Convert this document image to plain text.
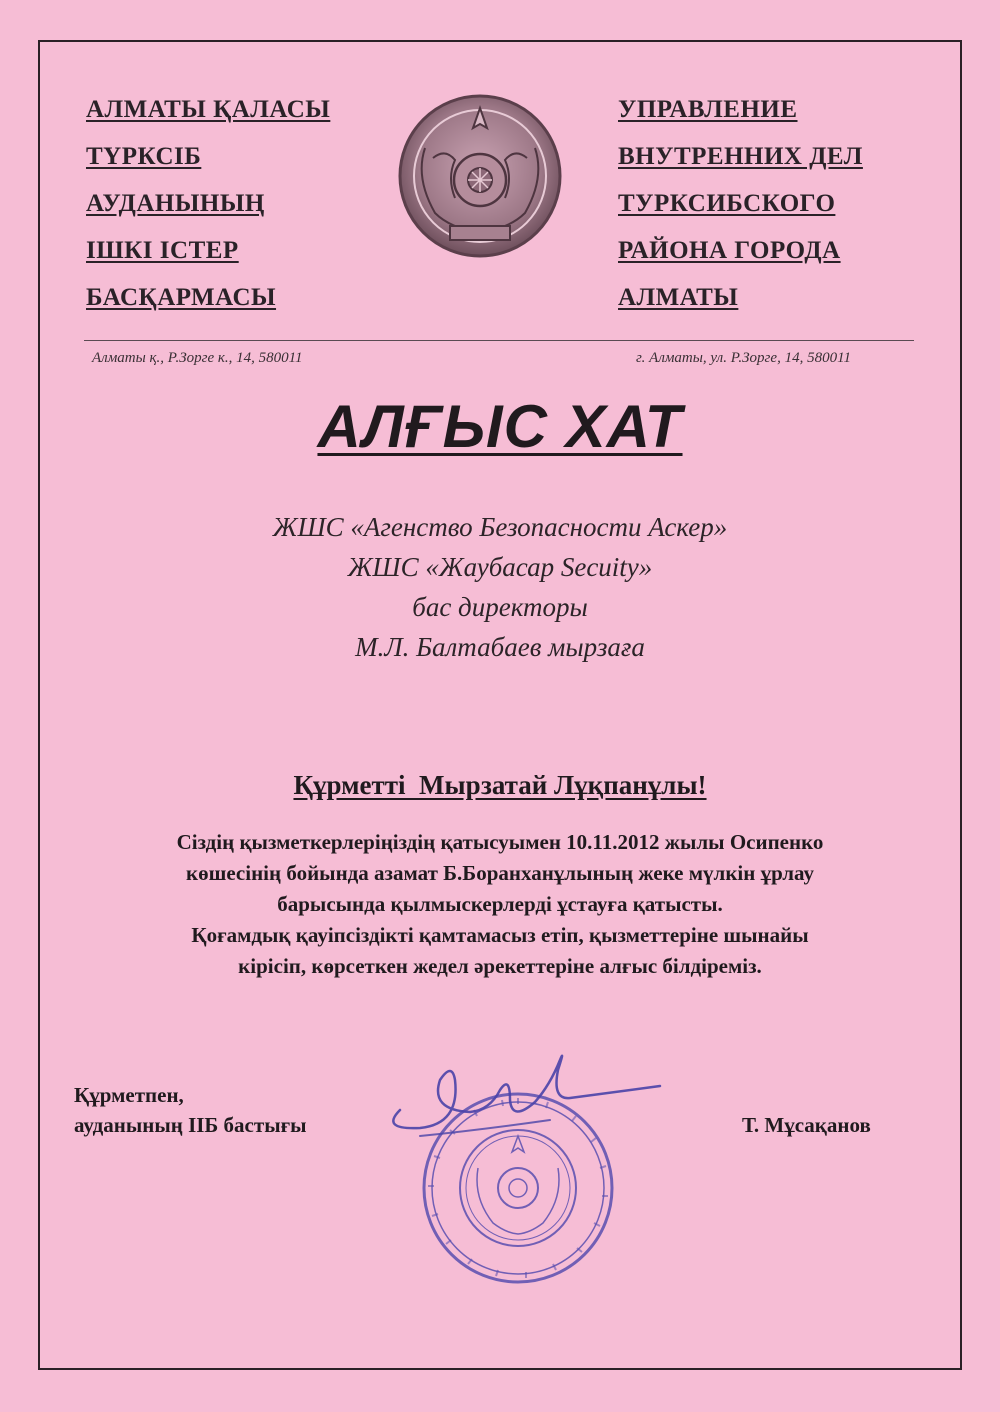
АЛМАТЫ ҚАЛАСЫ
ТҮРКСІБ
АУДАНЫНЫҢ
ІШКІ ІСТЕР
БАСҚАРМАСЫ
УПРАВЛЕНИЕ
ВНУТРЕННИХ ДЕЛ
ТУРКСИБСКОГО
РАЙОНА ГОРОДА
АЛМАТЫ
Алматы қ., Р.Зорге к., 14, 580011	г. Алматы, ул. Р.Зорге, 14, 580011
АЛҒЫС ХАТ
ЖШС «Агенство Безопасности Аскер»
ЖШС «Жаубасар Secuity»
бас директоры
М.Л. Балтабаев мырзаға
Құрметті  Мырзатай Лұқпанұлы!
Сіздің қызметкерлеріңіздің қатысуымен 10.11.2012 жылы Осипенко
көшесінің бойында азамат Б.Боранханұлының жеке мүлкін ұрлау
барысында қылмыскерлерді ұстауға қатысты.
Қоғамдық қауіпсіздікті қамтамасыз етіп, қызметтеріне шынайы
кірісіп, көрсеткен жедел әрекеттеріне алғыс білдіреміз.
Құрметпен,
ауданының ІІБ бастығы	Т. Мұсақанов
